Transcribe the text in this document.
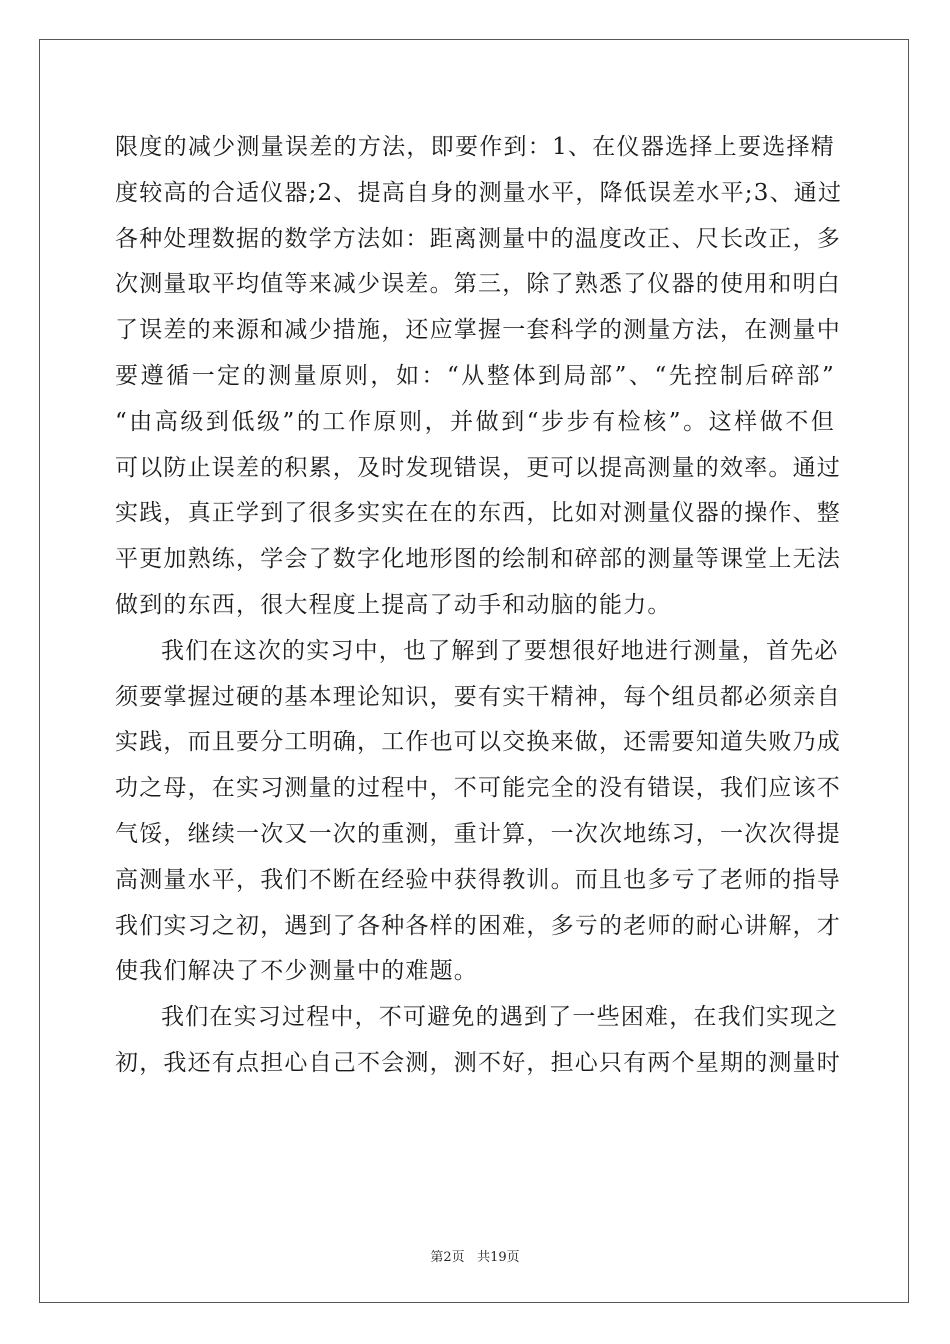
限度的减少测量误差的方法，即要作到：1、在仪器选择上要选择精
度较高的合适仪器;2、提高自身的测量水平，降低误差水平;3、通过
各种处理数据的数学方法如：距离测量中的温度改正、尺长改正，多
次测量取平均值等来减少误差。第三，除了熟悉了仪器的使用和明白
了误差的来源和减少措施，还应掌握一套科学的测量方法，在测量中
要遵循一定的测量原则，如：“从整体到局部”、“先控制后碎部”
“由高级到低级”的工作原则，并做到“步步有检核”。这样做不但
可以防止误差的积累，及时发现错误，更可以提高测量的效率。通过
实践，真正学到了很多实实在在的东西，比如对测量仪器的操作、整
平更加熟练，学会了数字化地形图的绘制和碎部的测量等课堂上无法
做到的东西，很大程度上提高了动手和动脑的能力。

我们在这次的实习中，也了解到了要想很好地进行测量，首先必
须要掌握过硬的基本理论知识，要有实干精神，每个组员都必须亲自
实践，而且要分工明确，工作也可以交换来做，还需要知道失败乃成
功之母，在实习测量的过程中，不可能完全的没有错误，我们应该不
气馁，继续一次又一次的重测，重计算，一次次地练习，一次次得提
高测量水平，我们不断在经验中获得教训。而且也多亏了老师的指导
我们实习之初，遇到了各种各样的困难，多亏的老师的耐心讲解，才
使我们解决了不少测量中的难题。

我们在实习过程中，不可避免的遇到了一些困难，在我们实现之
初，我还有点担心自己不会测，测不好，担心只有两个星期的测量时

第2页 共19页
